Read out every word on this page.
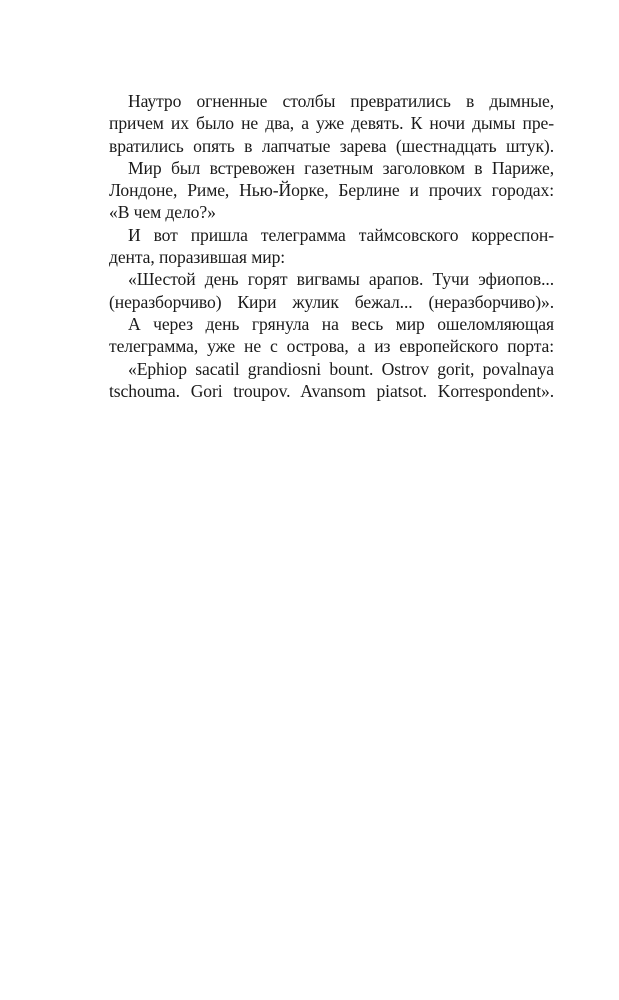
Наутро огненные столбы превратились в дымные,
причем их было не два, а уже девять. К ночи дымы пре-
вратились опять в лапчатые зарева (шестнадцать штук).
Мир был встревожен газетным заголовком в Париже,
Лондоне, Риме, Нью-Йорке, Берлине и прочих городах:
«В чем дело?»
И вот пришла телеграмма таймсовского корреспон-
дента, поразившая мир:
«Шестой день горят вигвамы арапов. Тучи эфиопов...
(неразборчиво) Кири жулик бежал... (неразборчиво)».
А через день грянула на весь мир ошеломляющая
телеграмма, уже не с острова, а из европейского порта:
«Ephiop sacatil grandiosni bount. Ostrov gorit, povalnaya
tschouma. Gori troupov. Avansom piatsot. Korrespondent».
